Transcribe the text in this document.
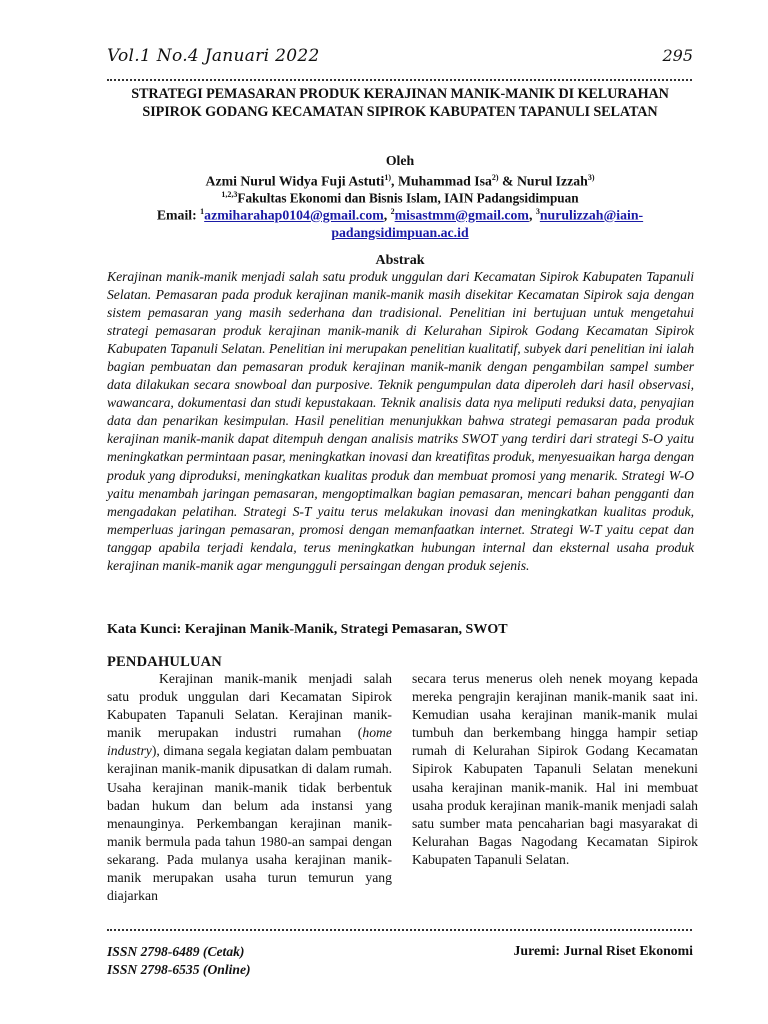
Vol.1 No.4 Januari 2022	295
STRATEGI PEMASARAN PRODUK KERAJINAN MANIK-MANIK DI KELURAHAN
SIPIROK GODANG KECAMATAN SIPIROK KABUPATEN TAPANULI SELATAN
Oleh
Azmi Nurul Widya Fuji Astuti$^{1)}$, Muhammad Isa$^{2)}$ & Nurul Izzah$^{3)}$
$^{1,2,3}$Fakultas Ekonomi dan Bisnis Islam, IAIN Padangsidimpuan
Email: $^1$azmiharahap0104@gmail.com, $^2$misastmm@gmail.com, $^3$nurulizzah@iain-
padangsidimpuan.ac.id
Abstrak
Kerajinan manik-manik menjadi salah satu produk unggulan dari Kecamatan Sipirok Kabupaten Tapanuli Selatan. Pemasaran pada produk kerajinan manik-manik masih disekitar Kecamatan Sipirok saja dengan sistem pemasaran yang masih sederhana dan tradisional. Penelitian ini bertujuan untuk mengetahui strategi pemasaran produk kerajinan manik-manik di Kelurahan Sipirok Godang Kecamatan Sipirok Kabupaten Tapanuli Selatan. Penelitian ini merupakan penelitian kualitatif, subyek dari penelitian ini ialah bagian pembuatan dan pemasaran produk kerajinan manik-manik dengan pengambilan sampel sumber data dilakukan secara snowboal dan purposive. Teknik pengumpulan data diperoleh dari hasil observasi, wawancara, dokumentasi dan studi kepustakaan. Teknik analisis data nya meliputi reduksi data, penyajian data dan penarikan kesimpulan. Hasil penelitian menunjukkan bahwa strategi pemasaran pada produk kerajinan manik-manik dapat ditempuh dengan analisis matriks SWOT yang terdiri dari strategi S-O yaitu meningkatkan permintaan pasar, meningkatkan inovasi dan kreatifitas produk, menyesuaikan harga dengan produk yang diproduksi, meningkatkan kualitas produk dan membuat promosi yang menarik. Strategi W-O yaitu menambah jaringan pemasaran, mengoptimalkan bagian pemasaran, mencari bahan pengganti dan mengadakan pelatihan. Strategi S-T yaitu terus melakukan inovasi dan meningkatkan kualitas produk, memperluas jaringan pemasaran, promosi dengan memanfaatkan internet. Strategi W-T yaitu cepat dan tanggap apabila terjadi kendala, terus meningkatkan hubungan internal dan eksternal usaha produk kerajinan manik-manik agar mengungguli persaingan dengan produk sejenis.
Kata Kunci: Kerajinan Manik-Manik, Strategi Pemasaran, SWOT
PENDAHULUAN

Kerajinan manik-manik menjadi salah satu produk unggulan dari Kecamatan Sipirok Kabupaten Tapanuli Selatan. Kerajinan manik-manik merupakan industri rumahan (home industry), dimana segala kegiatan dalam pembuatan kerajinan manik-manik dipusatkan di dalam rumah. Usaha kerajinan manik-manik tidak berbentuk badan hukum dan belum ada instansi yang menaunginya. Perkembangan kerajinan manik-manik bermula pada tahun 1980-an sampai dengan sekarang. Pada mulanya usaha kerajinan manik-manik merupakan usaha turun temurun yang diajarkan

secara terus menerus oleh nenek moyang kepada mereka pengrajin kerajinan manik-manik saat ini. Kemudian usaha kerajinan manik-manik mulai tumbuh dan berkembang hingga hampir setiap rumah di Kelurahan Sipirok Godang Kecamatan Sipirok Kabupaten Tapanuli Selatan menekuni usaha kerajinan manik-manik. Hal ini membuat usaha produk kerajinan manik-manik menjadi salah satu sumber mata pencaharian bagi masyarakat di Kelurahan Bagas Nagodang Kecamatan Sipirok Kabupaten Tapanuli Selatan.

ISSN 2798-6489 (Cetak)
ISSN 2798-6535 (Online)
Juremi: Jurnal Riset Ekonomi
